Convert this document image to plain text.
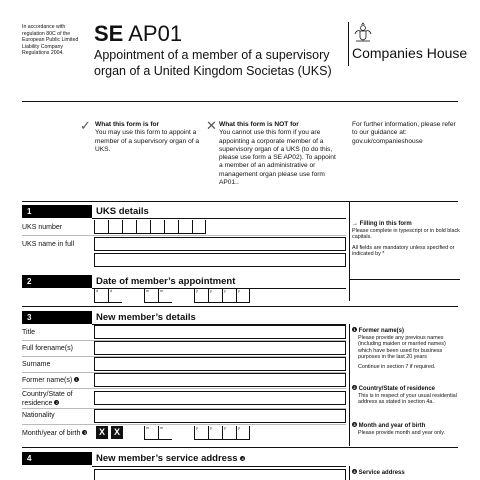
In accordance with regulation 80C of the European Public Limited Liability Company Regulations 2004.
SE AP01
Appointment of a member of a supervisory organ of a United Kingdom Societas (UKS)
Companies House
✓ What this form is for
You may use this form to appoint a member of a supervisory organ of a UKS.
✕ What this form is NOT for
You cannot use this form if you are appointing a corporate member of a supervisory organ of a UKS (to do this, please use form a SE AP02). To appoint a member of an administrative or management organ please use form AP01..
For further information, please refer to our guidance at: gov.uk/companieshouse
1	UKS details
UKS number
UKS name in full
→ Filling in this form
Please complete in typescript or in bold black capitals.
All fields are mandatory unless specified or indicated by *
2	Date of member’s appointment
d	d	m	m	y	y	y	y
3	New member’s details
Title
Full forename(s)
Surname
Former name(s) 1
Country/State of residence 2
Nationality
Month/year of birth 3	X X	m	m	y	y	y	y
1 Former name(s)
Please provide any previous names (including maiden or married names) which have been used for business purposes in the last 20 years
Continue in section 7 if required.
2 Country/State of residence
This is in respect of your usual residential address as stated in section 4a.
3 Month and year of birth
Please provide month and year only.
4	New member’s service address 4
4 Service address
